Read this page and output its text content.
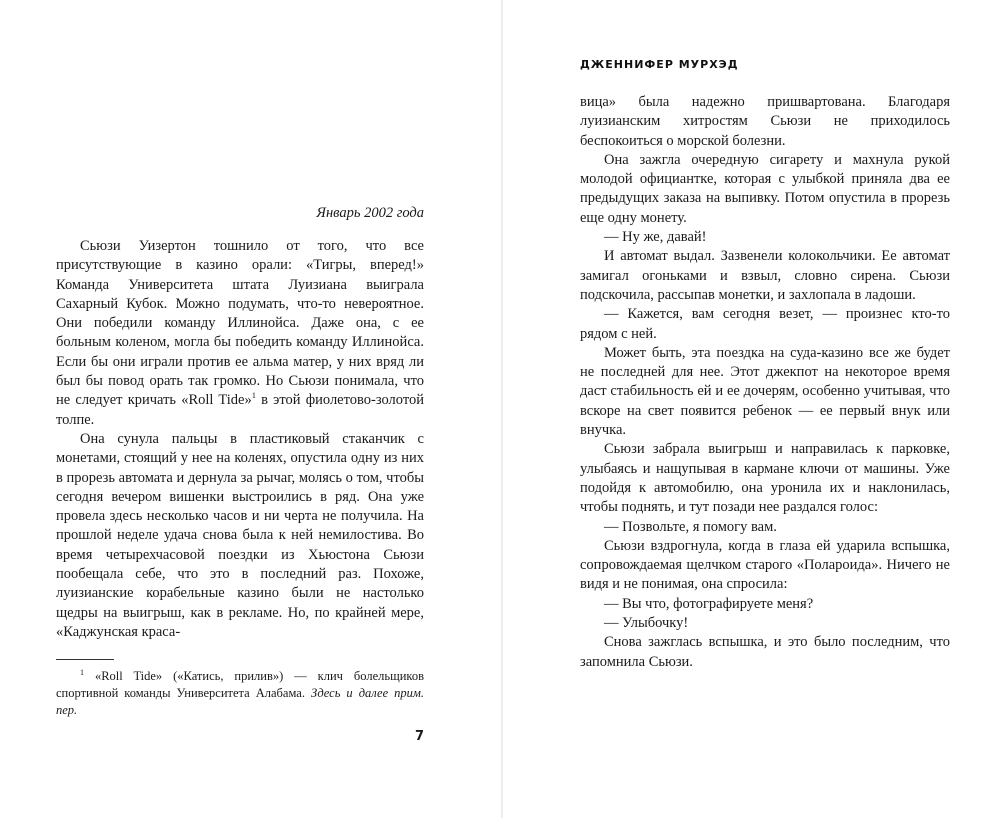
Январь 2002 года

Сьюзи Уизертон тошнило от того, что все присутствующие в казино орали: «Тигры, вперед!» Команда Университета штата Луизиана выиграла Сахарный Кубок. Можно подумать, что-то невероятное. Они победили команду Иллинойса. Даже она, с ее больным коленом, могла бы победить команду Иллинойса. Если бы они играли против ее альма матер, у них вряд ли был бы повод орать так громко. Но Сьюзи понимала, что не следует кричать «Roll Tide»$^1$ в этой фиолетово-золотой толпе.

Она сунула пальцы в пластиковый стаканчик с монетами, стоящий у нее на коленях, опустила одну из них в прорезь автомата и дернула за рычаг, молясь о том, чтобы сегодня вечером вишенки выстроились в ряд. Она уже провела здесь несколько часов и ни черта не получила. На прошлой неделе удача снова была к ней немилостива. Во время четырехчасовой поездки из Хьюстона Сьюзи пообещала себе, что это в последний раз. Похоже, луизианские корабельные казино были не настолько щедры на выигрыш, как в рекламе. Но, по крайней мере, «Каджунская краса-

$^1$ «Roll Tide» («Катись, прилив») — клич болельщиков спортивной команды Университета Алабама. Здесь и далее прим. пер.
7
ДЖЕННИФЕР МУРХЭД

вица» была надежно пришвартована. Благодаря луизианским хитростям Сьюзи не приходилось беспокоиться о морской болезни.

Она зажгла очередную сигарету и махнула рукой молодой официантке, которая с улыбкой приняла два ее предыдущих заказа на выпивку. Потом опустила в прорезь еще одну монету.

— Ну же, давай!

И автомат выдал. Зазвенели колокольчики. Ее автомат замигал огоньками и взвыл, словно сирена. Сьюзи подскочила, рассыпав монетки, и захлопала в ладоши.

— Кажется, вам сегодня везет, — произнес кто-то рядом с ней.

Может быть, эта поездка на суда-казино все же будет не последней для нее. Этот джекпот на некоторое время даст стабильность ей и ее дочерям, особенно учитывая, что вскоре на свет появится ребенок — ее первый внук или внучка.

Сьюзи забрала выигрыш и направилась к парковке, улыбаясь и нащупывая в кармане ключи от машины. Уже подойдя к автомобилю, она уронила их и наклонилась, чтобы поднять, и тут позади нее раздался голос:

— Позвольте, я помогу вам.

Сьюзи вздрогнула, когда в глаза ей ударила вспышка, сопровождаемая щелчком старого «Полароида». Ничего не видя и не понимая, она спросила:

— Вы что, фотографируете меня?

— Улыбочку!

Снова зажглась вспышка, и это было последним, что запомнила Сьюзи.
